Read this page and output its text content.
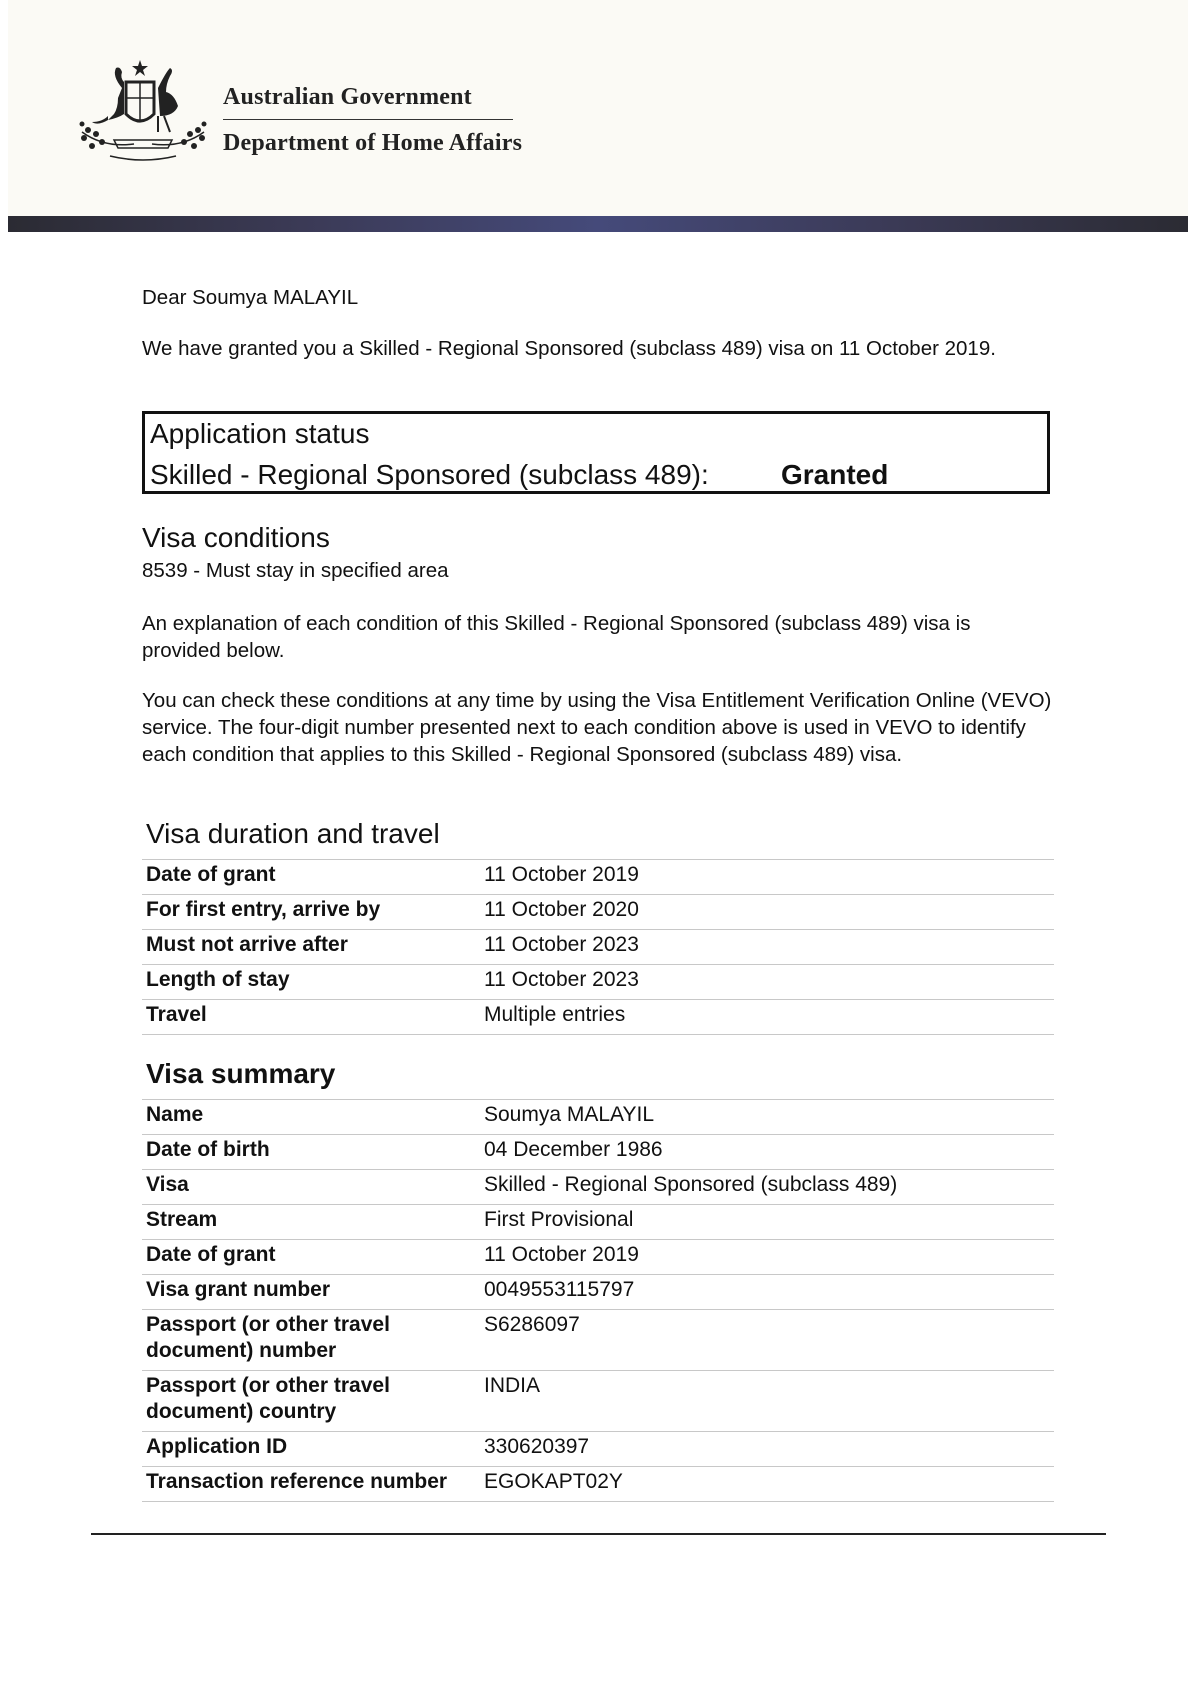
Australian Government
Department of Home Affairs

Dear Soumya MALAYIL

We have granted you a Skilled - Regional Sponsored (subclass 489) visa on 11 October 2019.

Application status
Skilled - Regional Sponsored (subclass 489):	Granted
Visa conditions

8539 - Must stay in specified area

An explanation of each condition of this Skilled - Regional Sponsored (subclass 489) visa is provided below.

You can check these conditions at any time by using the Visa Entitlement Verification Online (VEVO) service. The four-digit number presented next to each condition above is used in VEVO to identify each condition that applies to this Skilled - Regional Sponsored (subclass 489) visa.

Visa duration and travel
Date of grant	11 October 2019
For first entry, arrive by	11 October 2020
Must not arrive after	11 October 2023
Length of stay	11 October 2023
Travel	Multiple entries
Visa summary
Name	Soumya MALAYIL
Date of birth	04 December 1986
Visa	Skilled - Regional Sponsored (subclass 489)
Stream	First Provisional
Date of grant	11 October 2019
Visa grant number	0049553115797
Passport (or other travel document) number	S6286097
Passport (or other travel document) country	INDIA
Application ID	330620397
Transaction reference number	EGOKAPT02Y
